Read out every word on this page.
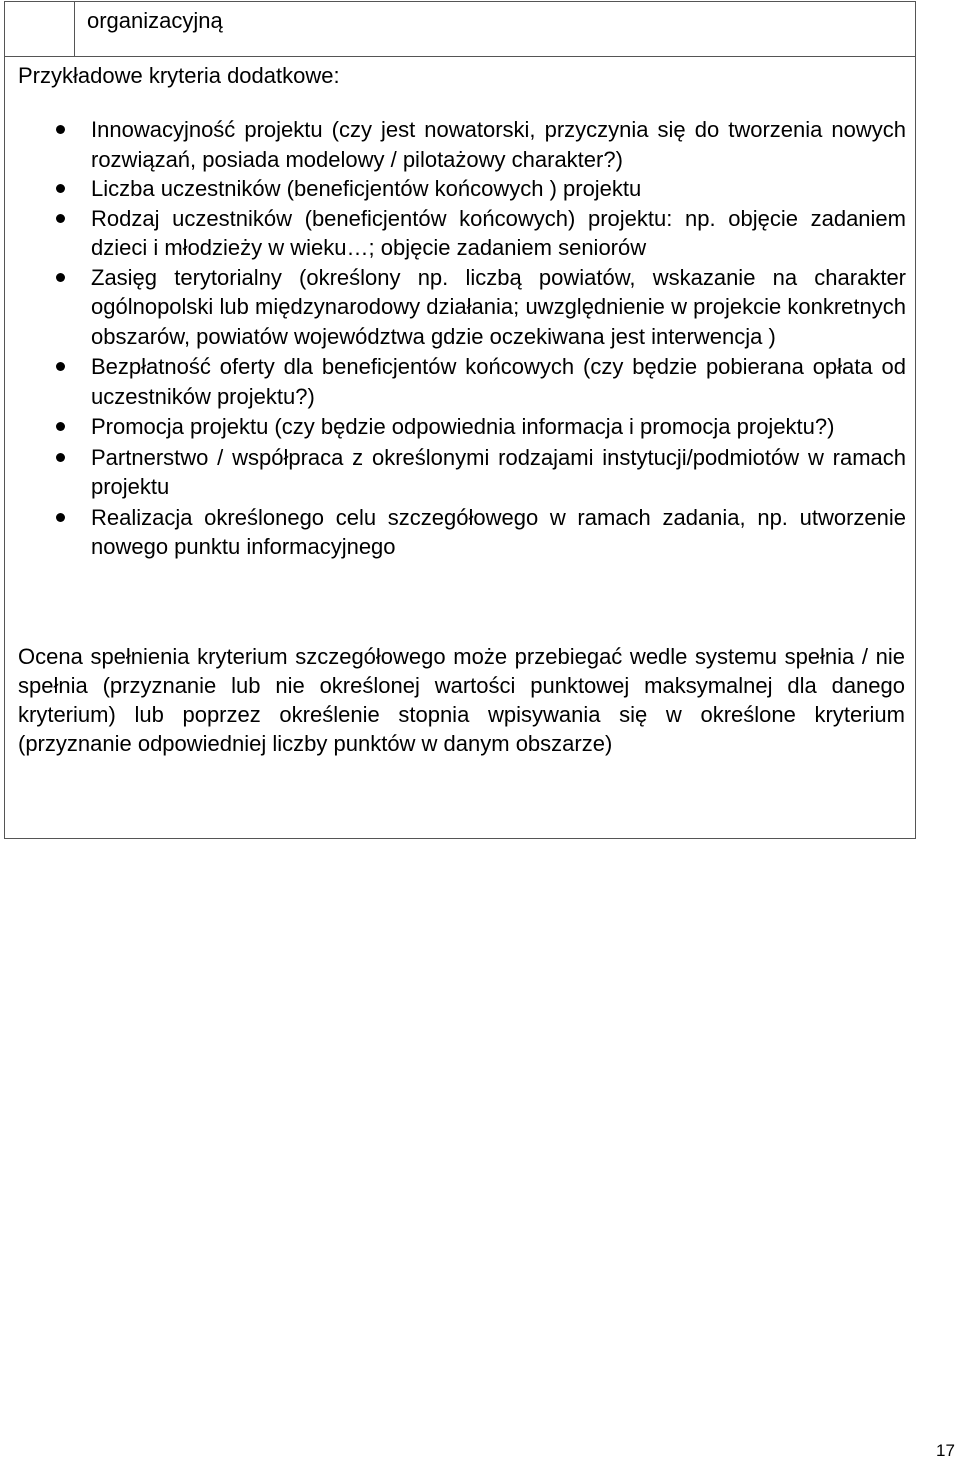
organizacyjną
Przykładowe kryteria dodatkowe:
Innowacyjność projektu (czy jest nowatorski, przyczynia się do tworzenia nowych rozwiązań, posiada modelowy / pilotażowy charakter?)
Liczba uczestników (beneficjentów końcowych ) projektu
Rodzaj uczestników (beneficjentów końcowych) projektu: np. objęcie zadaniem dzieci i młodzieży w wieku…; objęcie zadaniem seniorów
Zasięg terytorialny (określony np. liczbą powiatów, wskazanie na charakter ogólnopolski lub międzynarodowy działania; uwzględnienie w projekcie konkretnych obszarów, powiatów województwa gdzie oczekiwana jest interwencja )
Bezpłatność oferty dla beneficjentów końcowych (czy będzie pobierana opłata od uczestników projektu?)
Promocja projektu (czy będzie odpowiednia informacja i promocja projektu?)
Partnerstwo / współpraca z określonymi rodzajami instytucji/podmiotów w ramach projektu
Realizacja określonego celu szczegółowego w ramach zadania, np. utworzenie nowego punktu informacyjnego
Ocena spełnienia kryterium szczegółowego może przebiegać wedle systemu spełnia / nie spełnia (przyznanie lub nie określonej wartości punktowej maksymalnej dla danego kryterium) lub poprzez określenie stopnia wpisywania się w określone kryterium (przyznanie odpowiedniej liczby punktów w danym obszarze)
17
